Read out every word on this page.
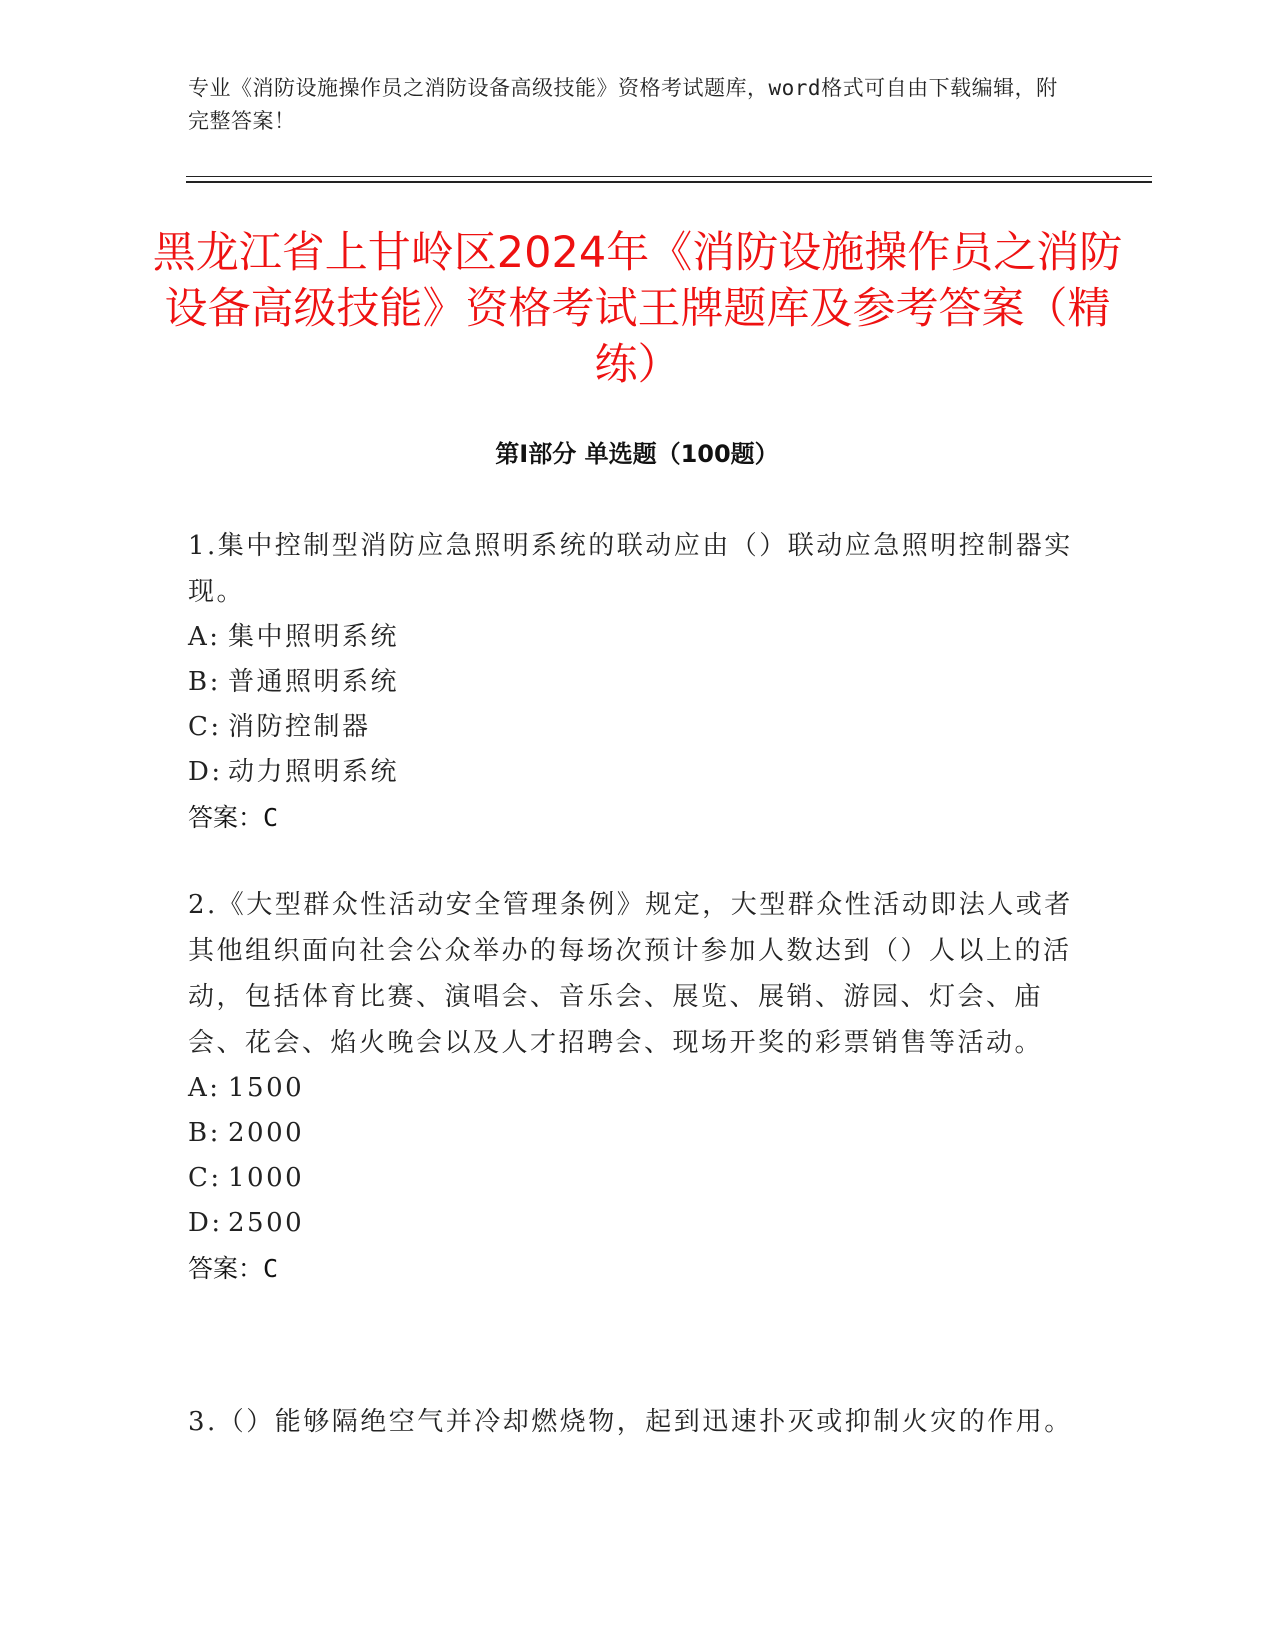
专业《消防设施操作员之消防设备高级技能》资格考试题库，word格式可自由下载编辑，附完整答案！
黑龙江省上甘岭区2024年《消防设施操作员之消防设备高级技能》资格考试王牌题库及参考答案（精练）
第Ⅰ部分 单选题（100题）

1.集中控制型消防应急照明系统的联动应由（）联动应急照明控制器实现。

A: 集中照明系统

B: 普通照明系统

C: 消防控制器

D: 动力照明系统

答案：C

2.《大型群众性活动安全管理条例》规定，大型群众性活动即法人或者其他组织面向社会公众举办的每场次预计参加人数达到（）人以上的活动，包括体育比赛、演唱会、音乐会、展览、展销、游园、灯会、庙会、花会、焰火晚会以及人才招聘会、现场开奖的彩票销售等活动。

A: 1500

B: 2000

C: 1000

D: 2500

答案：C

3.（）能够隔绝空气并冷却燃烧物，起到迅速扑灭或抑制火灾的作用。
